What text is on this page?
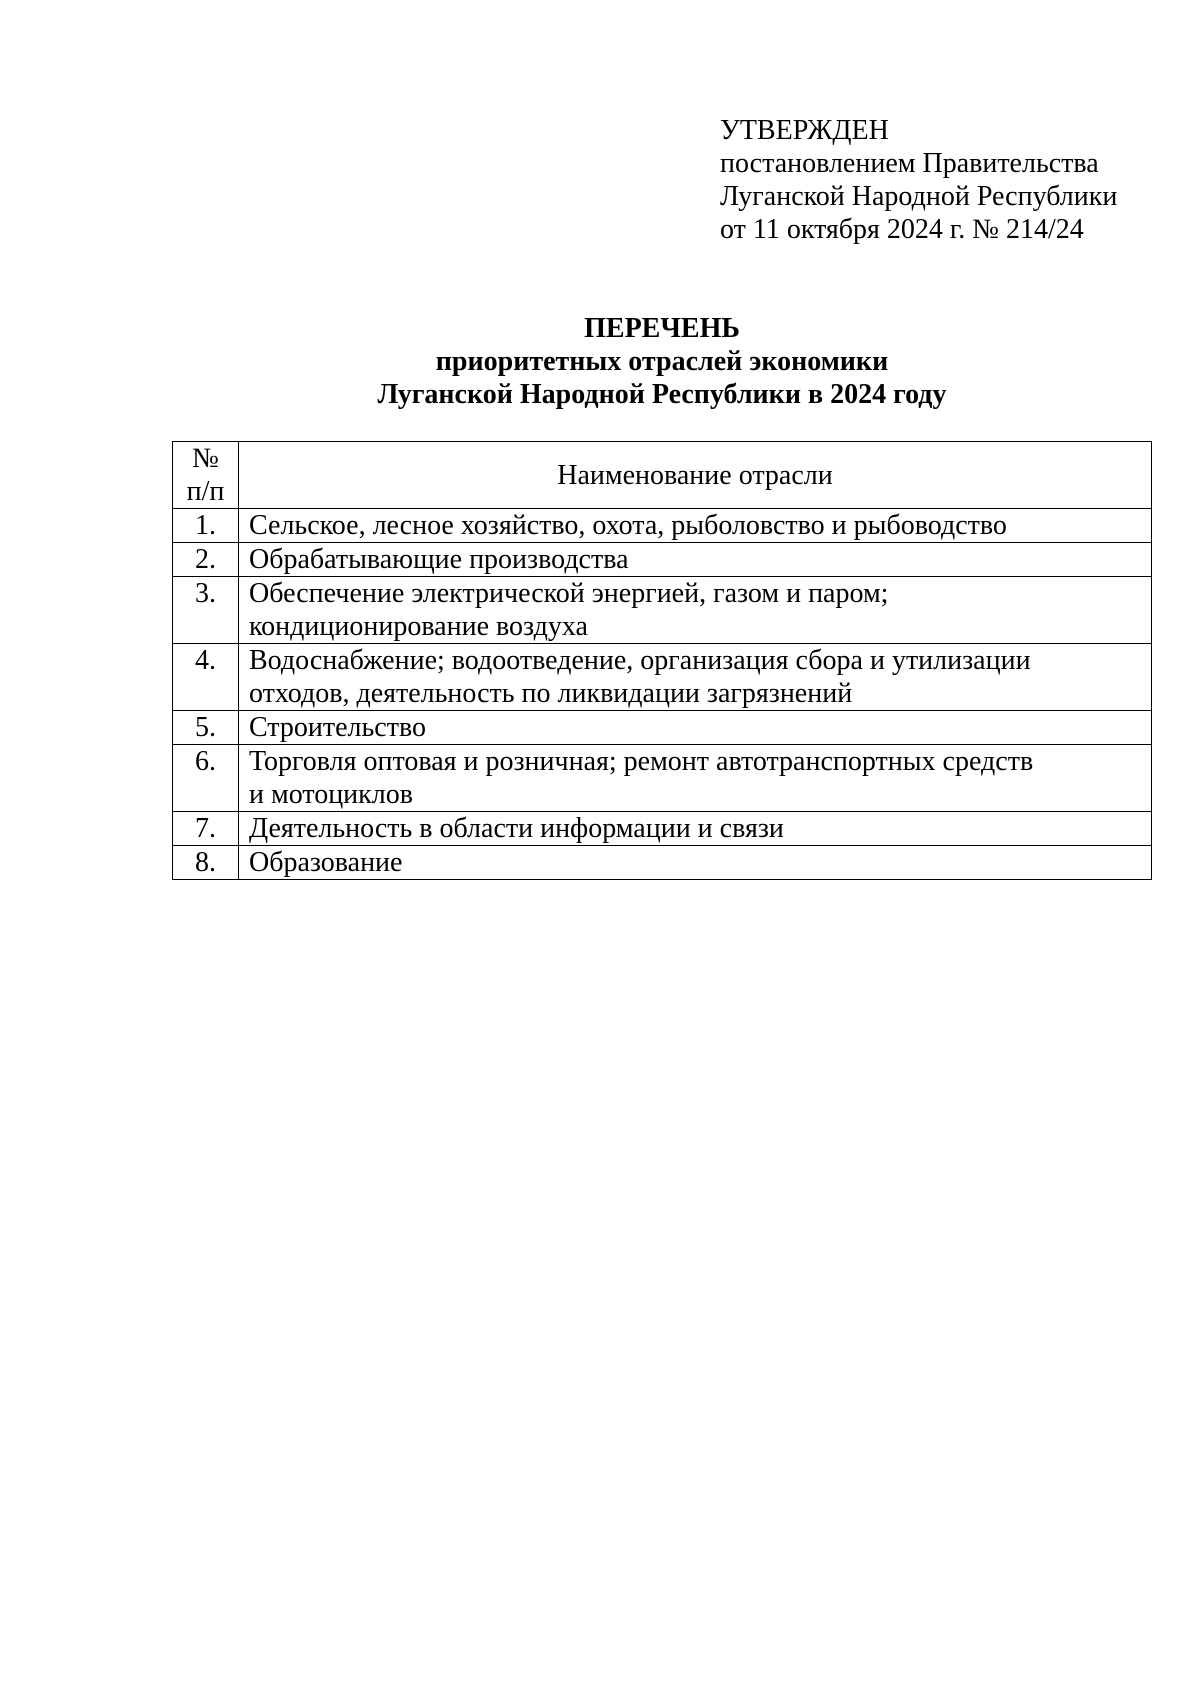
УТВЕРЖДЕН
постановлением Правительства
Луганской Народной Республики
от 11 октября 2024 г. № 214/24
ПЕРЕЧЕНЬ
приоритетных отраслей экономики
Луганской Народной Республики в 2024 году
№
п/п	Наименование отрасли
1.	Сельское, лесное хозяйство, охота, рыболовство и рыбоводство
2.	Обрабатывающие производства
3.	Обеспечение электрической энергией, газом и паром;
кондиционирование воздуха
4.	Водоснабжение; водоотведение, организация сбора и утилизации
отходов, деятельность по ликвидации загрязнений
5.	Строительство
6.	Торговля оптовая и розничная; ремонт автотранспортных средств
и мотоциклов
7.	Деятельность в области информации и связи
8.	Образование
